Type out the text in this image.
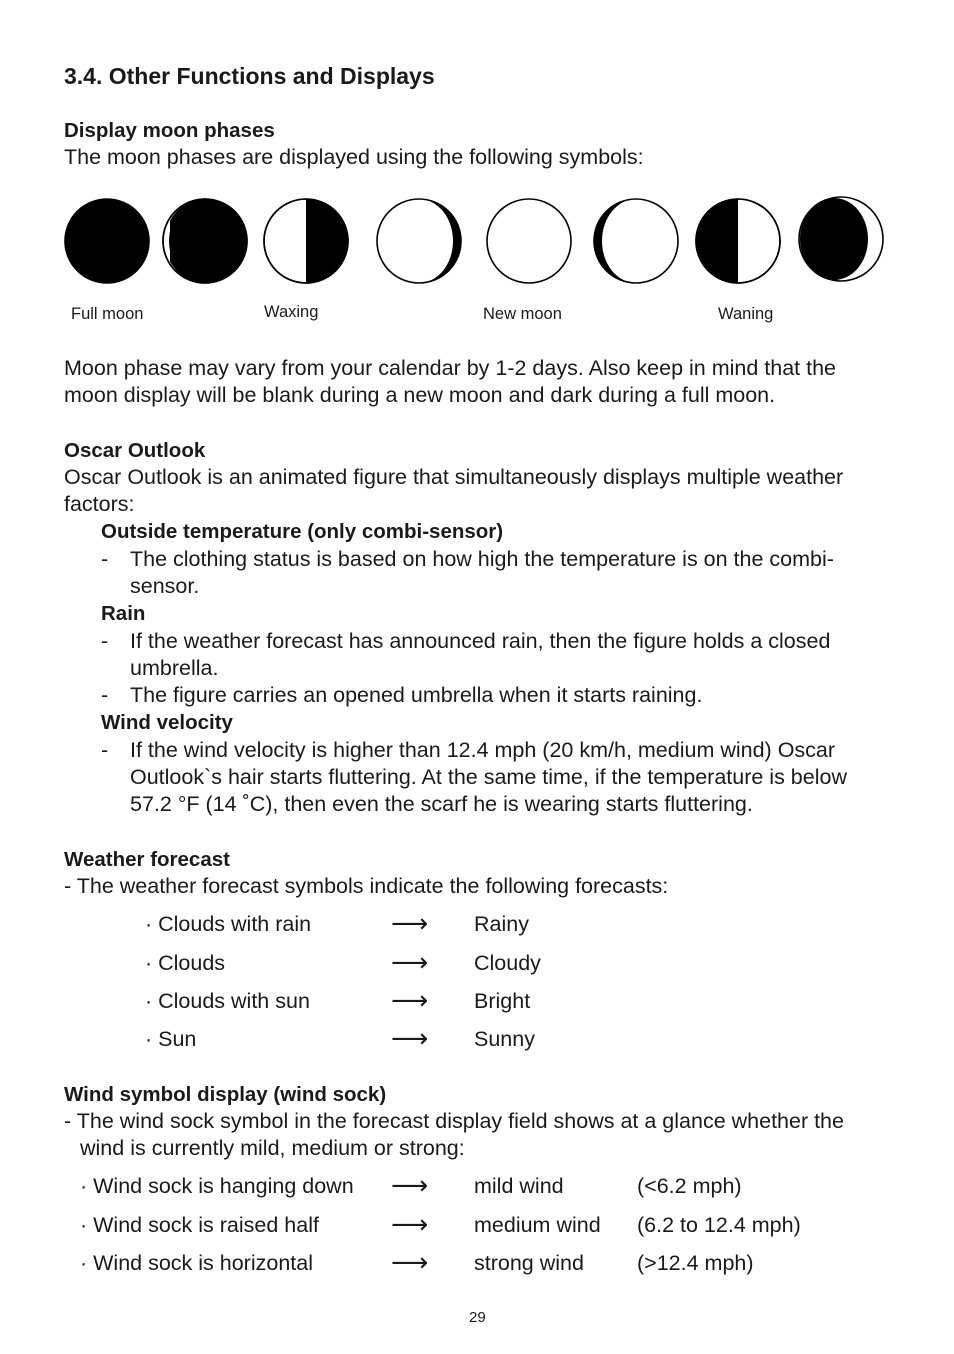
3.4. Other Functions and Displays
Display moon phases
The moon phases are displayed using the following symbols:
Full moon	Waxing	New moon	Waning
Moon phase may vary from your calendar by 1-2 days. Also keep in mind that the
moon display will be blank during a new moon and dark during a full moon.
Oscar Outlook
Oscar Outlook is an animated figure that simultaneously displays multiple weather
factors:
Outside temperature (only combi-sensor)
- The clothing status is based on how high the temperature is on the combi-
sensor.
Rain
- If the weather forecast has announced rain, then the figure holds a closed
umbrella.
- The figure carries an opened umbrella when it starts raining.
Wind velocity
- If the wind velocity is higher than 12.4 mph (20 km/h, medium wind) Oscar
Outlook`s hair starts fluttering. At the same time, if the temperature is below
57.2 °F (14 ˚C), then even the scarf he is wearing starts fluttering.
Weather forecast
- The weather forecast symbols indicate the following forecasts:
· Clouds with rain	⟶ Rainy
· Clouds	⟶ Cloudy
· Clouds with sun	⟶ Bright
· Sun	⟶ Sunny
Wind symbol display (wind sock)
- The wind sock symbol in the forecast display field shows at a glance whether the
wind is currently mild, medium or strong:
· Wind sock is hanging down ⟶ mild wind	(<6.2 mph)
· Wind sock is raised half	⟶ medium wind (6.2 to 12.4 mph)
· Wind sock is horizontal	⟶ strong wind (>12.4 mph)
29
